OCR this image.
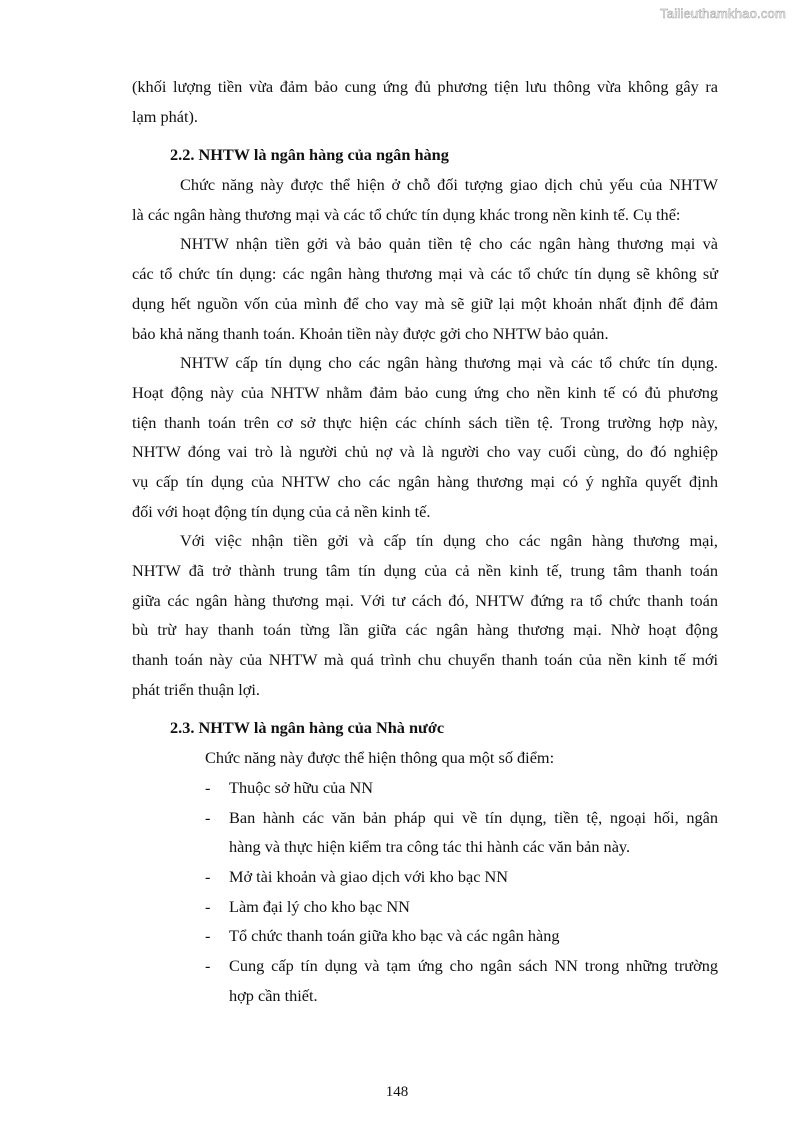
Tailieuthamkhao.com
(khối lượng tiền vừa đảm bảo cung ứng đủ phương tiện lưu thông vừa không gây ra
lạm phát).
2.2. NHTW là ngân hàng của ngân hàng
Chức năng này được thể hiện ở chỗ đối tượng giao dịch chủ yếu của NHTW
là các ngân hàng thương mại và các tổ chức tín dụng khác trong nền kinh tế. Cụ thể:
NHTW nhận tiền gởi và bảo quản tiền tệ cho các ngân hàng thương mại và
các tổ chức tín dụng: các ngân hàng thương mại và các tổ chức tín dụng sẽ không sử
dụng hết nguồn vốn của mình để cho vay mà sẽ giữ lại một khoản nhất định để đảm
bảo khả năng thanh toán. Khoản tiền này được gởi cho NHTW bảo quản.
NHTW cấp tín dụng cho các ngân hàng thương mại và các tổ chức tín dụng.
Hoạt động này của NHTW nhằm đảm bảo cung ứng cho nền kinh tế có đủ phương
tiện thanh toán trên cơ sở thực hiện các chính sách tiền tệ. Trong trường hợp này,
NHTW đóng vai trò là người chủ nợ và là người cho vay cuối cùng, do đó nghiệp
vụ cấp tín dụng của NHTW cho các ngân hàng thương mại có ý nghĩa quyết định
đối với hoạt động tín dụng của cả nền kinh tế.
Với việc nhận tiền gởi và cấp tín dụng cho các ngân hàng thương mại,
NHTW đã trở thành trung tâm tín dụng của cả nền kinh tế, trung tâm thanh toán
giữa các ngân hàng thương mại. Với tư cách đó, NHTW đứng ra tổ chức thanh toán
bù trừ hay thanh toán từng lần giữa các ngân hàng thương mại. Nhờ hoạt động
thanh toán này của NHTW mà quá trình chu chuyển thanh toán của nền kinh tế mới
phát triển thuận lợi.
2.3. NHTW là ngân hàng của Nhà nước
Chức năng này được thể hiện thông qua một số điểm:
- Thuộc sở hữu của NN
- Ban hành các văn bản pháp qui về tín dụng, tiền tệ, ngoại hối, ngân
hàng và thực hiện kiểm tra công tác thi hành các văn bản này.
- Mở tài khoản và giao dịch với kho bạc NN
- Làm đại lý cho kho bạc NN
- Tổ chức thanh toán giữa kho bạc và các ngân hàng
- Cung cấp tín dụng và tạm ứng cho ngân sách NN trong những trường
hợp cần thiết.
148
